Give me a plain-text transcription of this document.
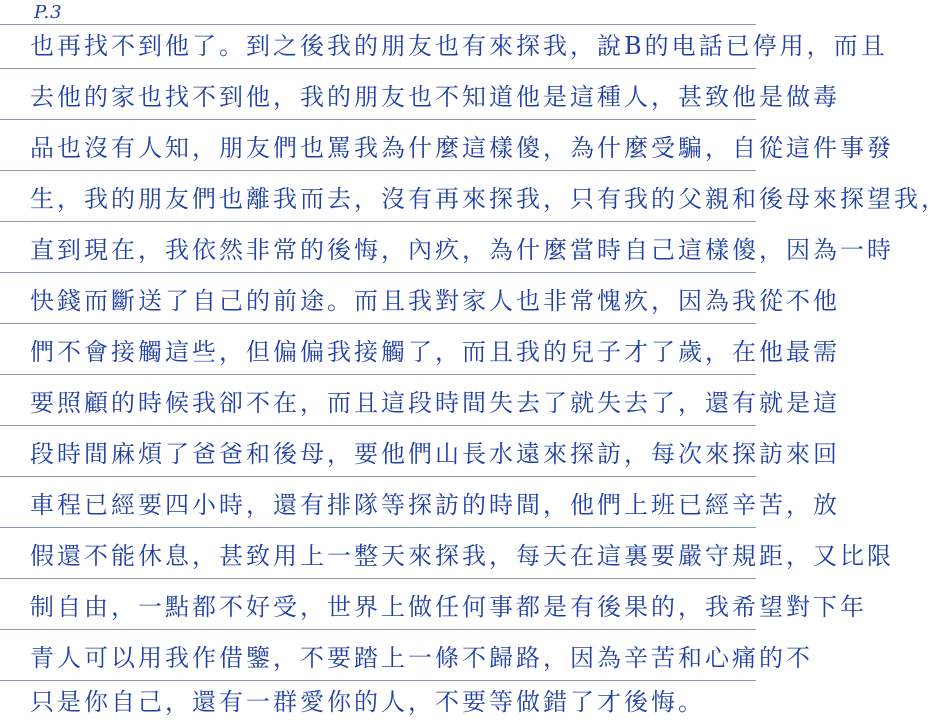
P.3
也再找不到他了。到之後我的朋友也有來探我，說B的电話已停用，而且
去他的家也找不到他，我的朋友也不知道他是這種人，甚致他是做毒
品也沒有人知，朋友們也罵我為什麼這樣傻，為什麼受騙，自從這件事發
生，我的朋友們也離我而去，沒有再來探我，只有我的父親和後母來探望我，
直到現在，我依然非常的後悔，內疚，為什麼當時自己這樣傻，因為一時
快錢而斷送了自己的前途。而且我對家人也非常愧疚，因為我從不他
們不會接觸這些，但偏偏我接觸了，而且我的兒子才了歲，在他最需
要照顧的時候我卻不在，而且這段時間失去了就失去了，還有就是這
段時間麻煩了爸爸和後母，要他們山長水遠來探訪，每次來探訪來回
車程已經要四小時，還有排隊等探訪的時間，他們上班已經辛苦，放
假還不能休息，甚致用上一整天來探我，每天在這裏要嚴守規距，又比限
制自由，一點都不好受，世界上做任何事都是有後果的，我希望對下年
青人可以用我作借鑒，不要踏上一條不歸路，因為辛苦和心痛的不
只是你自己，還有一群愛你的人，不要等做錯了才後悔。
